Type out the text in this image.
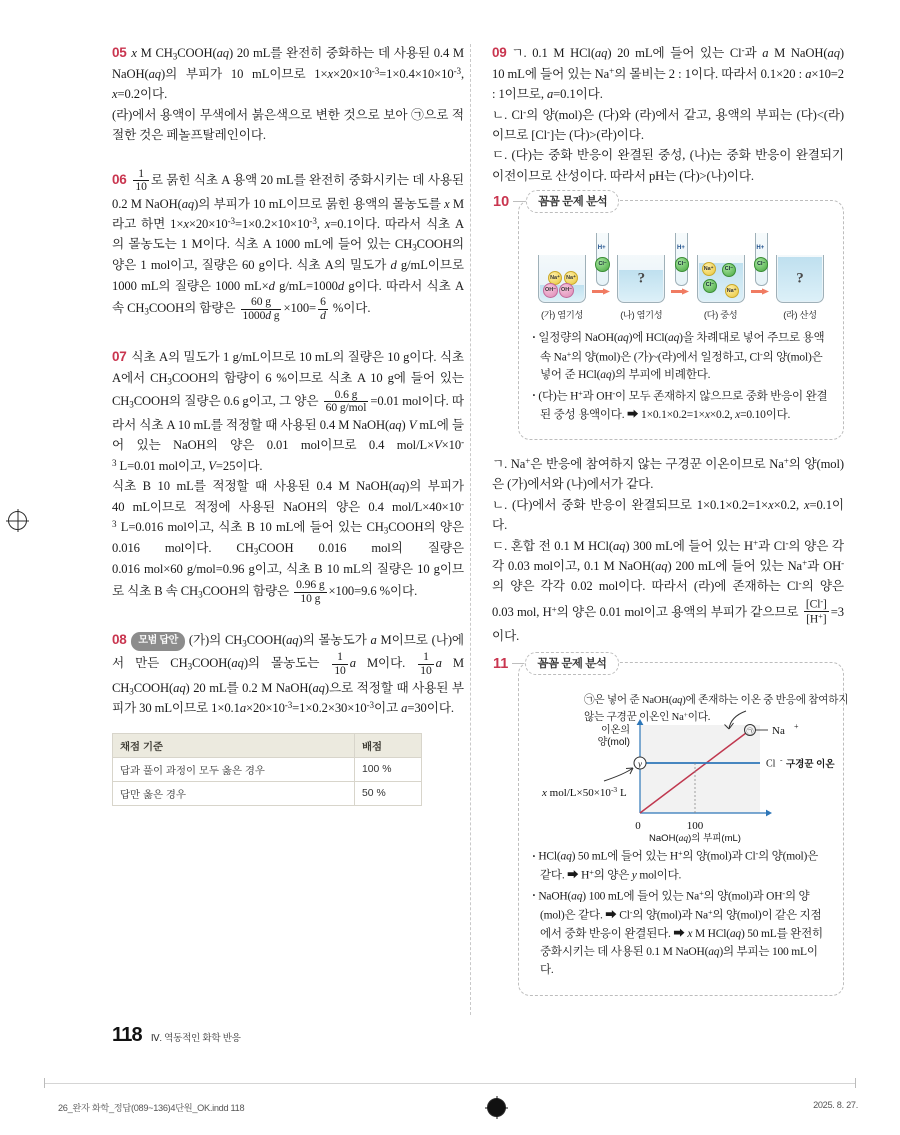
05 x M $CH_3COOH(aq)$ 20 mL를 완전히 중화하는 데 사용된 0.4 M NaOH(aq)의 부피가 10 mL이므로 $1\times x\times 20\times 10^{-3}=1\times 0.4\times 10\times 10^{-3}$, x=0.2이다.
(라)에서 용액이 무색에서 붉은색으로 변한 것으로 보아 ㉠으로 적절한 것은 페놀프탈레인이다.

$06 \frac{1}{10}$ 로 묽힌 식초 A 용액 20 mL를 완전히 중화시키는 데 사용된 0.2 M NaOH(aq)의 부피가 10 mL이므로 묽힌 용액의 몰농도를 x M라고 하면 $1\times x\times 20\times 10^{-3}=1\times 0.2\times 10\times 10^{-3}$, x=0.1이다. 따라서 식초 A의 몰농도는 1 M이다. 식초 A 1000 mL에 들어 있는 $CH_3COOH$의 양은 1 mol이고, 질량은 60 g이다. 식초 A의 밀도가 d g/mL이므로 1000 mL의 질량은 1000 mL×d g/mL=1000d g이다. 따라서 식초 A 속 $CH_3COOH$의 함량은 $\frac{60 g}{\text{1000d g}} \times 100= \frac{6}{d}$ %이다.

07 식초 A의 밀도가 1 g/mL이므로 10 mL의 질량은 10 g이다. 식초 A에서 $CH_3COOH$의 함량이 6 %이므로 식초 A 10 g에 들어 있는 $CH_3COOH$의 질량은 0.6 g이고, 그 양은 $\frac{0.6 g}{\text{60 g/mol}} =0.01$ mol이다. 따라서 식초 A 10 mL를 적정할 때 사용된 0.4 M NaOH(aq) V mL에 들어 있는 NaOH의 양은 0.01 mol이므로 0.4 mol/$L\times V\times 10^{-3}$ L=0.01 mol이고, V=25이다.
식초 B 10 mL를 적정할 때 사용된 0.4 M NaOH(aq)의 부피가 40 mL이므로 적정에 사용된 NaOH의 양은 0.4 mol/$L\times 40\times 10^{-3}$ L=0.016 mol이고, 식초 B 10 mL에 들어 있는 $CH_3COOH$의 양은 0.016 mol이다. $CH_3COOH$ 0.016 mol의 질량은 0.016 mol×60 g/mol=0.96 g이고, 식초 B 10 mL의 질량은 10 g이므로 식초 B 속 $CH_3COOH$의 함량은 $\frac{0.96 g}{10 g} \times 100=9.6$ %이다.

08 모범 답안 (가)의 $CH_3COOH(aq)$의 몰농도가 a M이므로 (나)에서 만든 $CH_3COOH(aq)$의 몰농도는 $\frac{1}{10}$ a M이다. $\frac{1}{10}$ a M $CH_3COOH(aq)$ 20 mL를 0.2 M NaOH(aq)으로 적정할 때 사용된 부피가 30 mL이므로 $1\times 0.1a\times 20\times 10^{-3}=1\times 0.2\times 30\times 10^{-3}$이고 a=30이다.

채점 기준	배점
답과 풀이 과정이 모두 옳은 경우	100 %
답만 옳은 경우	50 %

09 ㄱ. 0.1 M HCl(aq) 20 mL에 들어 있는 Cl-과 a M NaOH(aq) 10 mL에 들어 있는 Na+의 몰비는 2 : 1이다. 따라서 0.1×20 : a×10=2 : 1이므로, a=0.1이다.
ㄴ. Cl-의 양(mol)은 (다)와 (라)에서 같고, 용액의 부피는 (다)<(라)이므로 [Cl-]는 (다)>(라)이다.
ㄷ. (다)는 중화 반응이 완결된 중성, (나)는 중화 반응이 완결되기 이전이므로 산성이다. 따라서 pH는 (다)>(나)이다.

10	꼼꼼 문제 분석
Na⁺	Na⁺
OH⁻ OH⁻
(가) 염기성
H+
Cl⁻
?
(나) 염기성
H+
Cl⁻
Na⁺	Cl⁻
Cl⁻
Na⁺
(다) 중성
H+
Cl⁻
?
(라) 산성
· 일정량의 NaOH(aq)에 HCl(aq)을 차례대로 넣어 주므로 용액 속 Na+의 양(mol)은 (가)~(라)에서 일정하고, Cl-의 양(mol)은 넣어 준 HCl(aq)의 부피에 비례한다.
· (다)는 H+과 OH-이 모두 존재하지 않으므로 중화 반응이 완결된 중성 용액이다. ➡ 1×0.1×0.2=1×x×0.2, x=0.10이다.

ㄱ. Na+은 반응에 참여하지 않는 구경꾼 이온이므로 Na+의 양(mol)은 (가)에서와 (나)에서가 같다.
ㄴ. (다)에서 중화 반응이 완결되므로 1×0.1×0.2=1×x×0.2, x=0.1이다.
ㄷ. 혼합 전 0.1 M HCl(aq) 300 mL에 들어 있는 H+과 Cl-의 양은 각각 0.03 mol이고, 0.1 M NaOH(aq) 200 mL에 들어 있는 Na+과 OH-의 양은 각각 0.02 mol이다. 따라서 (라)에 존재하는 Cl-의 양은 0.03 mol, H+의 양은 0.01 mol이고 용액의 부피가 같으므로 $\frac{[Cl^-]}{[H^+]} =3$이다.

11	꼼꼼 문제 분석
㉠은 넣어 준 NaOH(aq)에 존재하는 이온 중 반응에 참여하지 않는 구경꾼 이온인 Na+이다.
㉠ Na +
Cl - 구경꾼 이온
이온의
양(mol)
y
x mol/$L\times 50\times 10^{-3}$ L
0	100
NaOH(aq)의 부피(mL)
· HCl(aq) 50 mL에 들어 있는 H+의 양(mol)과 Cl-의 양(mol)은 같다. ➡ H+의 양은 y mol이다.
· NaOH(aq) 100 mL에 들어 있는 Na+의 양(mol)과 OH-의 양(mol)은 같다. ➡ Cl-의 양(mol)과 Na+의 양(mol)이 같은 지점에서 중화 반응이 완결된다. ➡ x M HCl(aq) 50 mL를 완전히 중화시키는 데 사용된 0.1 M NaOH(aq)의 부피는 100 mL이다.
118 Ⅳ. 역동적인 화학 반응
26_완자 화학_정답(089~136)4단원_OK.indd 118	2025. 8. 27.
